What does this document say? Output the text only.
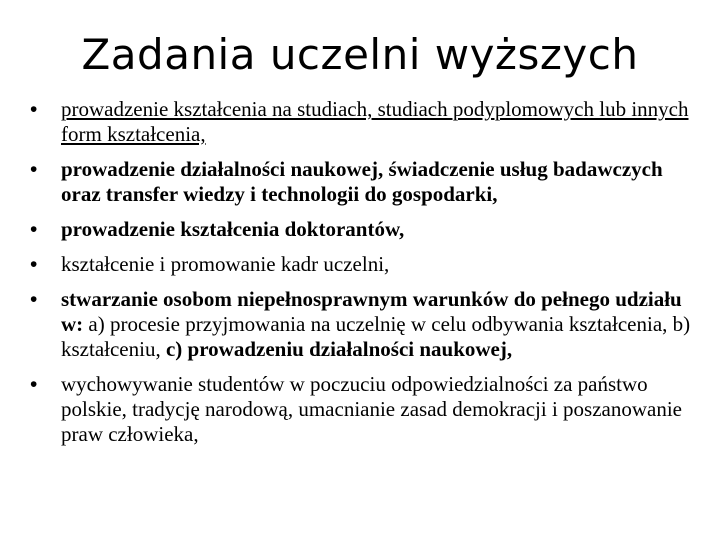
Zadania uczelni wyższych
•	prowadzenie kształcenia na studiach, studiach podyplomowych lub innych form kształcenia,
•	prowadzenie działalności naukowej, świadczenie usług badawczych oraz transfer wiedzy i technologii do gospodarki,
•	prowadzenie kształcenia doktorantów,
•	kształcenie i promowanie kadr uczelni,
•	stwarzanie osobom niepełnosprawnym warunków do pełnego udziału w: a) procesie przyjmowania na uczelnię w celu odbywania kształcenia, b) kształceniu, c) prowadzeniu działalności naukowej,
•	wychowywanie studentów w poczuciu odpowiedzialności za państwo polskie, tradycję narodową, umacnianie zasad demokracji i poszanowanie praw człowieka,
